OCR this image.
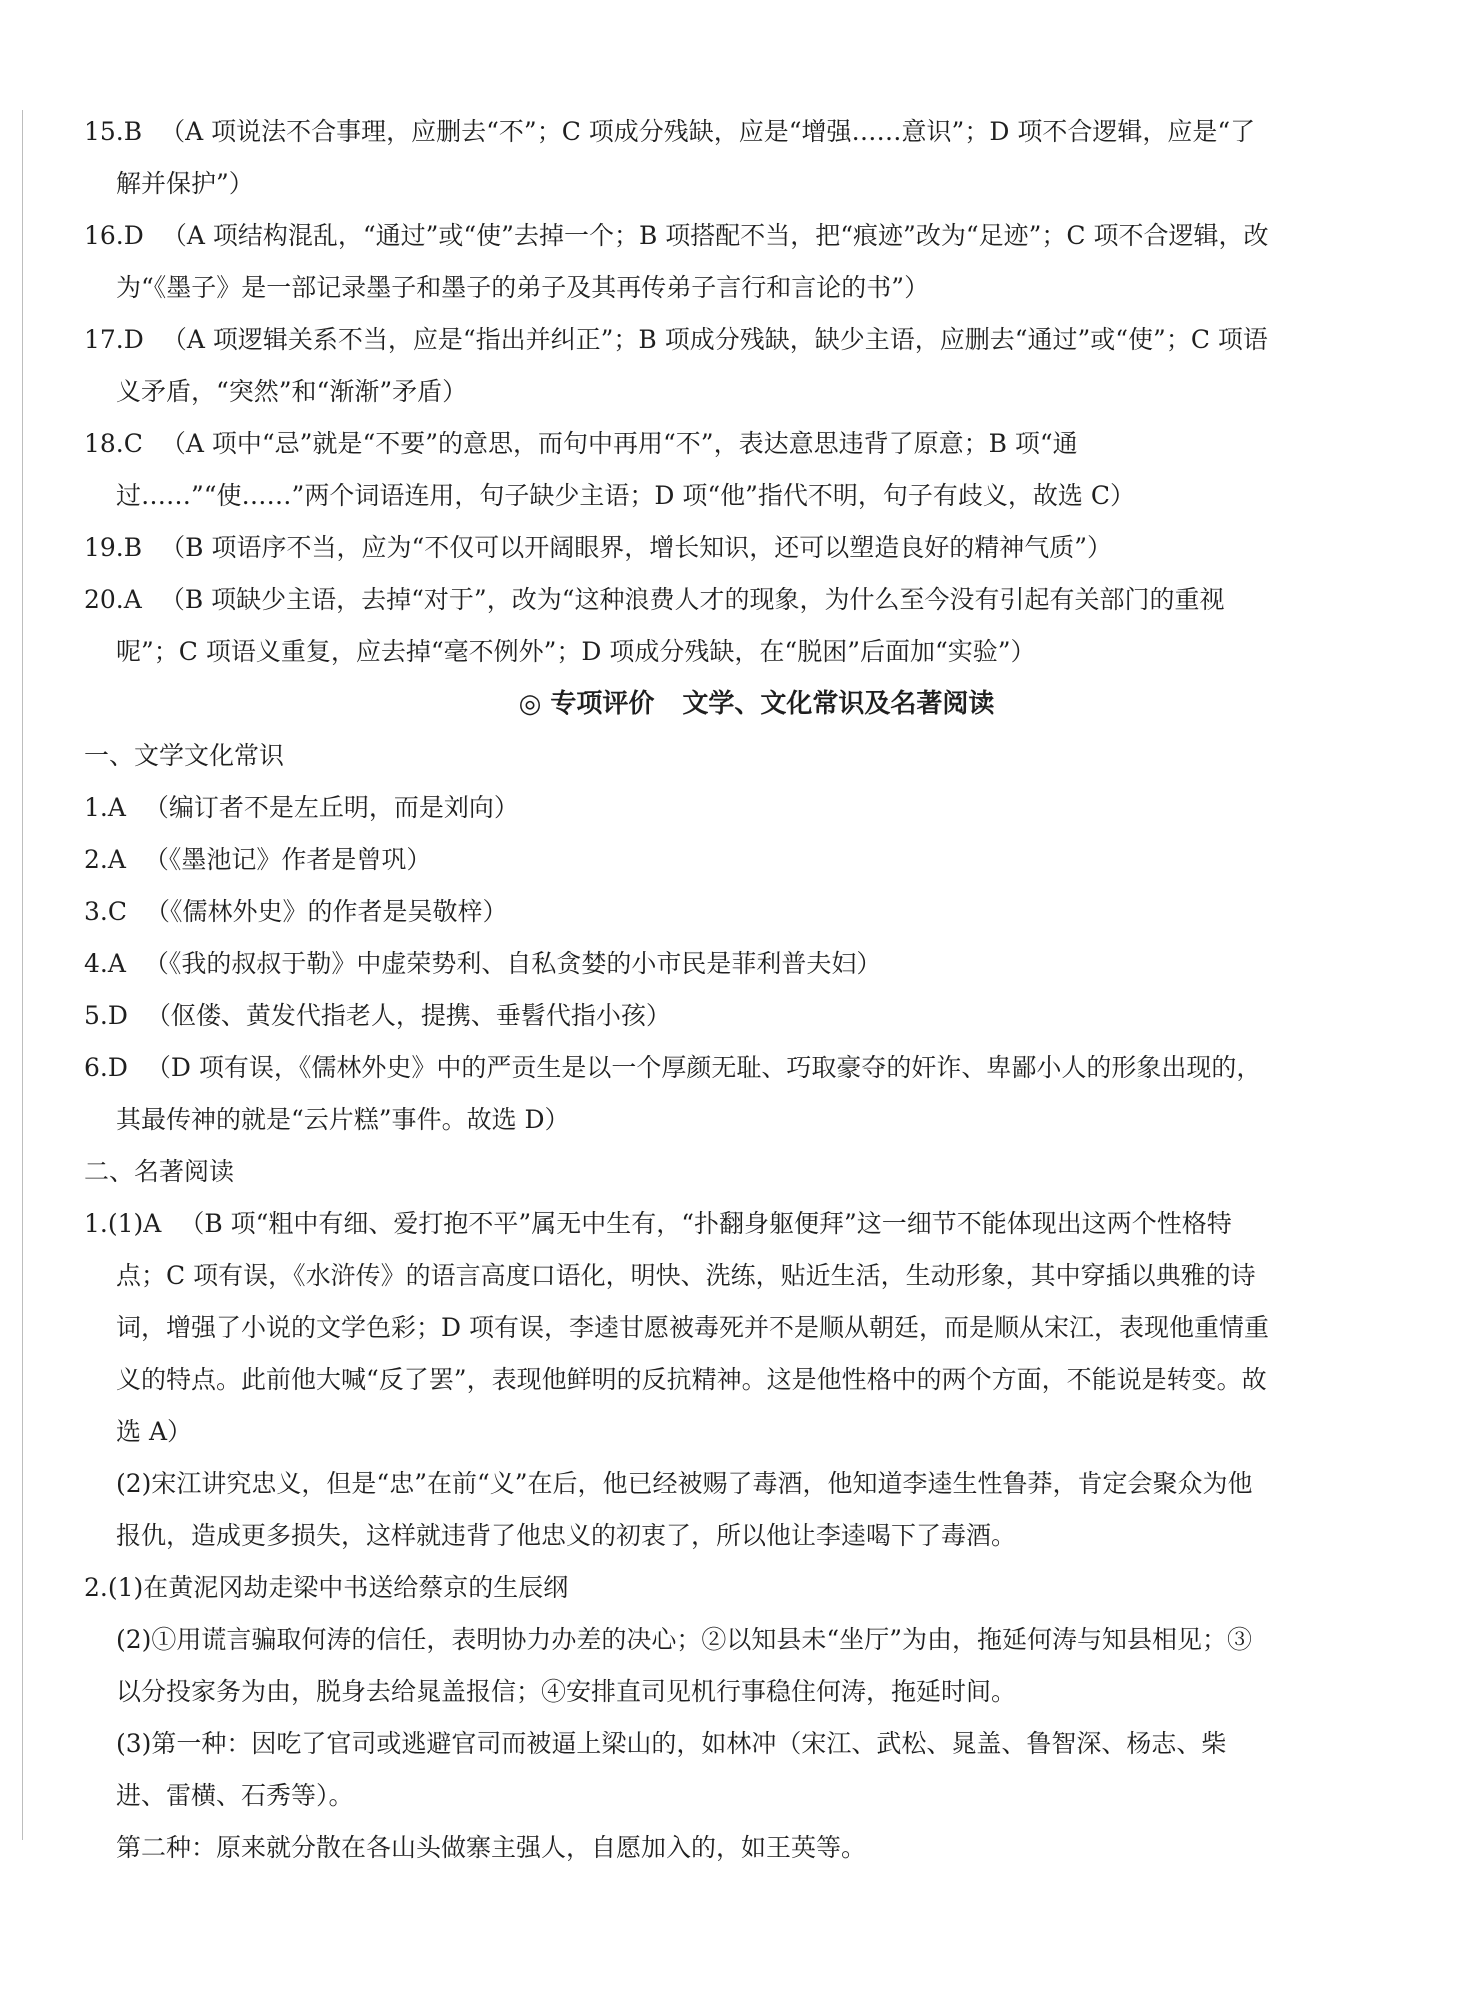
15.B （A 项说法不合事理，应删去“不”；C 项成分残缺，应是“增强……意识”；D 项不合逻辑，应是“了解并保护”）

16.D （A 项结构混乱，“通过”或“使”去掉一个；B 项搭配不当，把“痕迹”改为“足迹”；C 项不合逻辑，改为“《墨子》是一部记录墨子和墨子的弟子及其再传弟子言行和言论的书”）

17.D （A 项逻辑关系不当，应是“指出并纠正”；B 项成分残缺，缺少主语，应删去“通过”或“使”；C 项语义矛盾，“突然”和“渐渐”矛盾）

18.C （A 项中“忌”就是“不要”的意思，而句中再用“不”，表达意思违背了原意；B 项“通过……”“使……”两个词语连用，句子缺少主语；D 项“他”指代不明，句子有歧义，故选 C）

19.B （B 项语序不当，应为“不仅可以开阔眼界，增长知识，还可以塑造良好的精神气质”）

20.A （B 项缺少主语，去掉“对于”，改为“这种浪费人才的现象，为什么至今没有引起有关部门的重视呢”；C 项语义重复，应去掉“毫不例外”；D 项成分残缺，在“脱困”后面加“实验”）

◎ 专项评价 文学、文化常识及名著阅读

一、文学文化常识

1.A （编订者不是左丘明，而是刘向）

2.A （《墨池记》作者是曾巩）

3.C （《儒林外史》的作者是吴敬梓）

4.A （《我的叔叔于勒》中虚荣势利、自私贪婪的小市民是菲利普夫妇）

5.D （伛偻、黄发代指老人，提携、垂髫代指小孩）

6.D （D 项有误，《儒林外史》中的严贡生是以一个厚颜无耻、巧取豪夺的奸诈、卑鄙小人的形象出现的，其最传神的就是“云片糕”事件。故选 D）

二、名著阅读

1.(1)A （B 项“粗中有细、爱打抱不平”属无中生有，“扑翻身躯便拜”这一细节不能体现出这两个性格特点；C 项有误，《水浒传》的语言高度口语化，明快、洗练，贴近生活，生动形象，其中穿插以典雅的诗词，增强了小说的文学色彩；D 项有误，李逵甘愿被毒死并不是顺从朝廷，而是顺从宋江，表现他重情重义的特点。此前他大喊“反了罢”，表现他鲜明的反抗精神。这是他性格中的两个方面，不能说是转变。故选 A）

(2)宋江讲究忠义，但是“忠”在前“义”在后，他已经被赐了毒酒，他知道李逵生性鲁莽，肯定会聚众为他报仇，造成更多损失，这样就违背了他忠义的初衷了，所以他让李逵喝下了毒酒。

2.(1)在黄泥冈劫走梁中书送给蔡京的生辰纲

(2)①用谎言骗取何涛的信任，表明协力办差的决心；②以知县未“坐厅”为由，拖延何涛与知县相见；③以分投家务为由，脱身去给晁盖报信；④安排直司见机行事稳住何涛，拖延时间。

(3)第一种：因吃了官司或逃避官司而被逼上梁山的，如林冲（宋江、武松、晁盖、鲁智深、杨志、柴进、雷横、石秀等）。

第二种：原来就分散在各山头做寨主强人，自愿加入的，如王英等。
